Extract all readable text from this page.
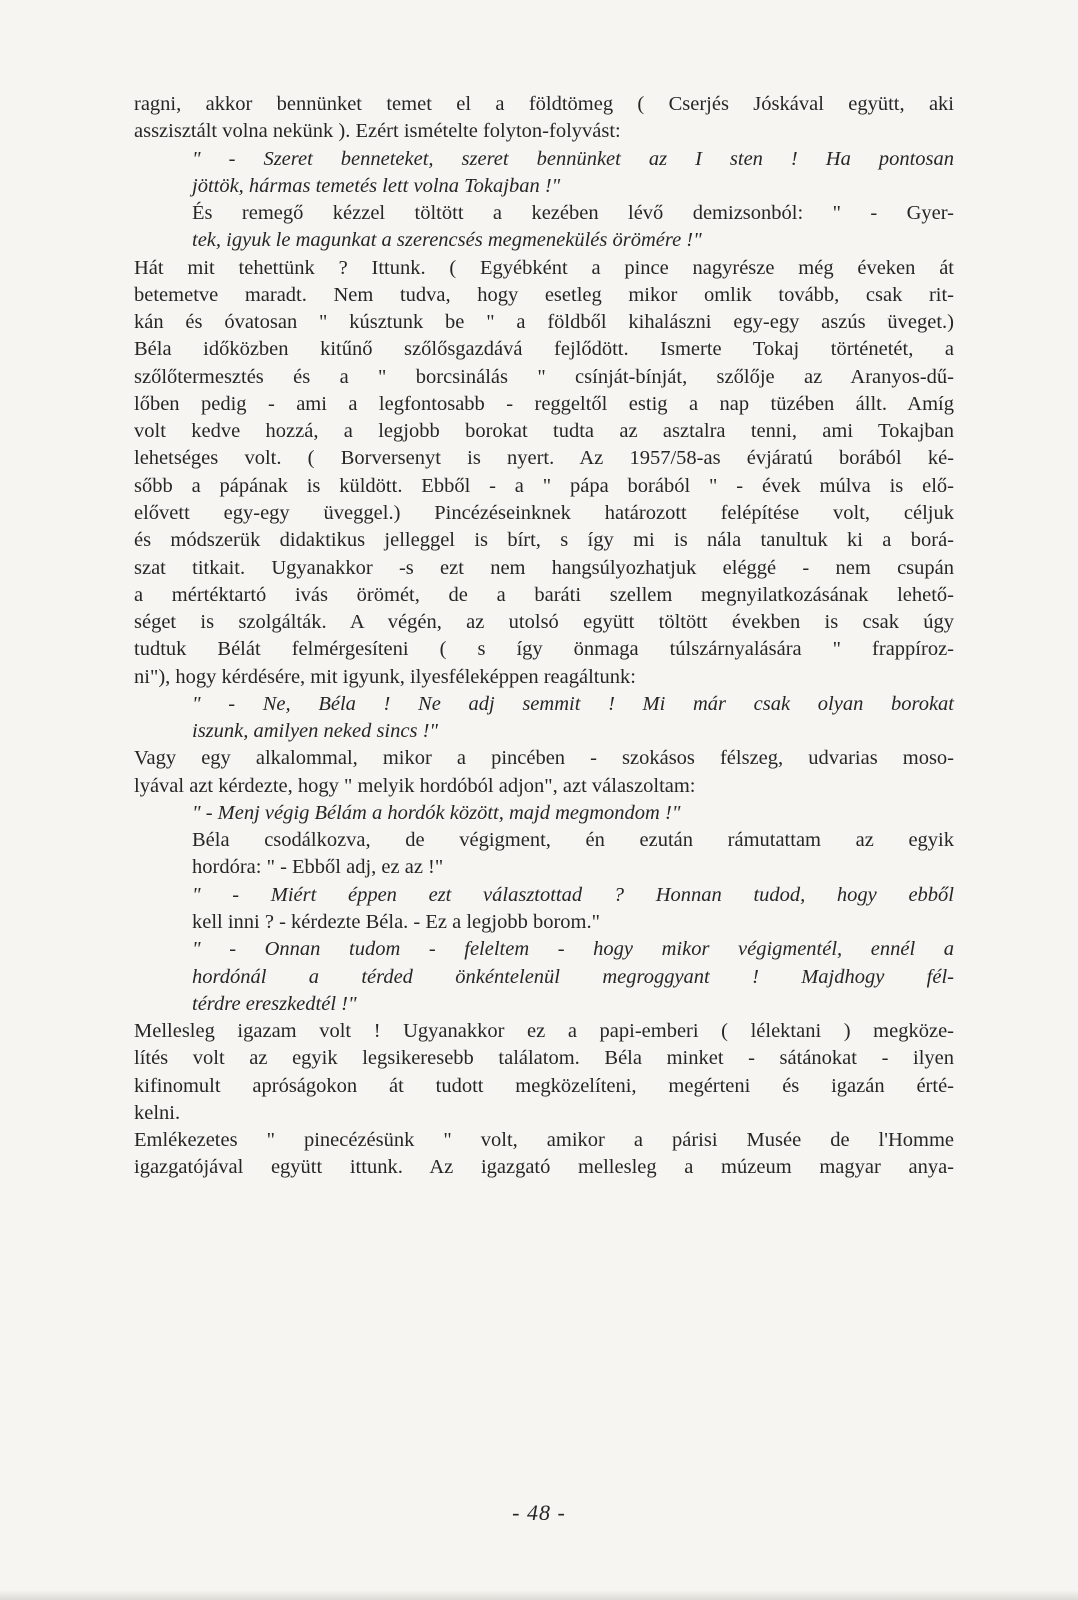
ragni, akkor bennünket temet el a földtömeg ( Cserjés Jóskával együtt, aki
asszisztált volna nekünk ). Ezért ismételte folyton-folyvást:
" - Szeret benneteket, szeret bennünket az I sten ! Ha pontosan
jöttök, hármas temetés lett volna Tokajban !"
És remegő kézzel töltött a kezében lévő demizsonból: " - Gyer-
tek, igyuk le magunkat a szerencsés megmenekülés örömére !"
Hát mit tehettünk ? Ittunk. ( Egyébként a pince nagyrésze még éveken át
betemetve maradt. Nem tudva, hogy esetleg mikor omlik tovább, csak rit-
kán és óvatosan " kúsztunk be " a földből kihalászni egy-egy aszús üveget.)
Béla időközben kitűnő szőlősgazdává fejlődött. Ismerte Tokaj történetét, a
szőlőtermesztés és a " borcsinálás " csínját-bínját, szőlője az Aranyos-dű-
lőben pedig - ami a legfontosabb - reggeltől estig a nap tüzében állt. Amíg
volt kedve hozzá, a legjobb borokat tudta az asztalra tenni, ami Tokajban
lehetséges volt. ( Borversenyt is nyert. Az 1957/58-as évjáratú borából ké-
sőbb a pápának is küldött. Ebből - a " pápa borából " - évek múlva is elő-
elővett egy-egy üveggel.) Pincézéseinknek határozott felépítése volt, céljuk
és módszerük didaktikus jelleggel is bírt, s így mi is nála tanultuk ki a borá-
szat titkait. Ugyanakkor -s ezt nem hangsúlyozhatjuk eléggé - nem csupán
a mértéktartó ivás örömét, de a baráti szellem megnyilatkozásának lehető-
séget is szolgálták. A végén, az utolsó együtt töltött években is csak úgy
tudtuk Bélát felmérgesíteni ( s így önmaga túlszárnyalására " frappíroz-
ni"), hogy kérdésére, mit igyunk, ilyesféleképpen reagáltunk:
" - Ne, Béla ! Ne adj semmit ! Mi már csak olyan borokat
iszunk, amilyen neked sincs !"
Vagy egy alkalommal, mikor a pincében - szokásos félszeg, udvarias moso-
lyával azt kérdezte, hogy " melyik hordóból adjon", azt válaszoltam:
" - Menj végig Bélám a hordók között, majd megmondom !"
Béla csodálkozva, de végigment, én ezután rámutattam az egyik
hordóra: " - Ebből adj, ez az !"
" - Miért éppen ezt választottad ? Honnan tudod, hogy ebből
kell inni ? - kérdezte Béla. - Ez a legjobb borom."
" - Onnan tudom - feleltem - hogy mikor végigmentél, ennél a
hordónál a térded önkéntelenül megroggyant ! Majdhogy fél-
térdre ereszkedtél !"
Mellesleg igazam volt ! Ugyanakkor ez a papi-emberi ( lélektani ) megköze-
lítés volt az egyik legsikeresebb találatom. Béla minket - sátánokat - ilyen
kifinomult apróságokon át tudott megközelíteni, megérteni és igazán érté-
kelni.
Emlékezetes " pinecézésünk " volt, amikor a párisi Musée de l'Homme
igazgatójával együtt ittunk. Az igazgató mellesleg a múzeum magyar anya-
- 48 -
